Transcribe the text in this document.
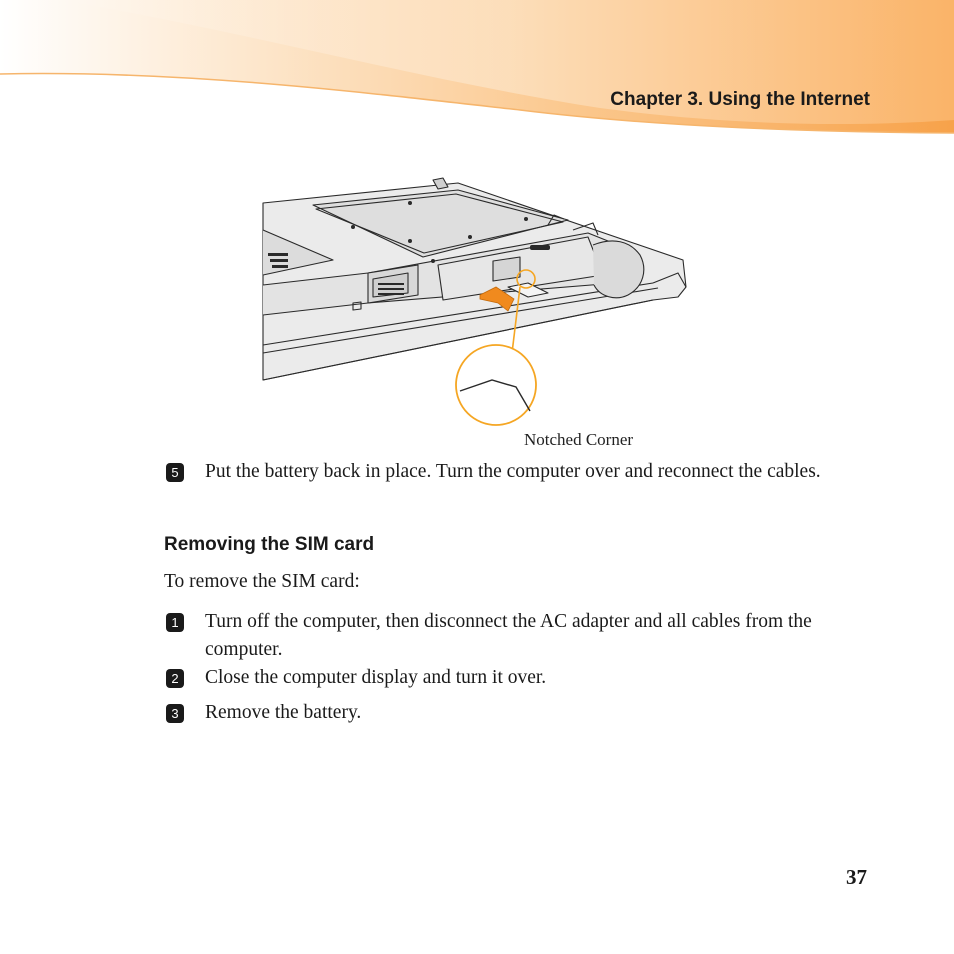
Chapter 3. Using the Internet
Notched Corner
5 Put the battery back in place. Turn the computer over and reconnect the cables.
Removing the SIM card
To remove the SIM card:
1 Turn off the computer, then disconnect the AC adapter and all cables from the computer.
2 Close the computer display and turn it over.
3 Remove the battery.
37
